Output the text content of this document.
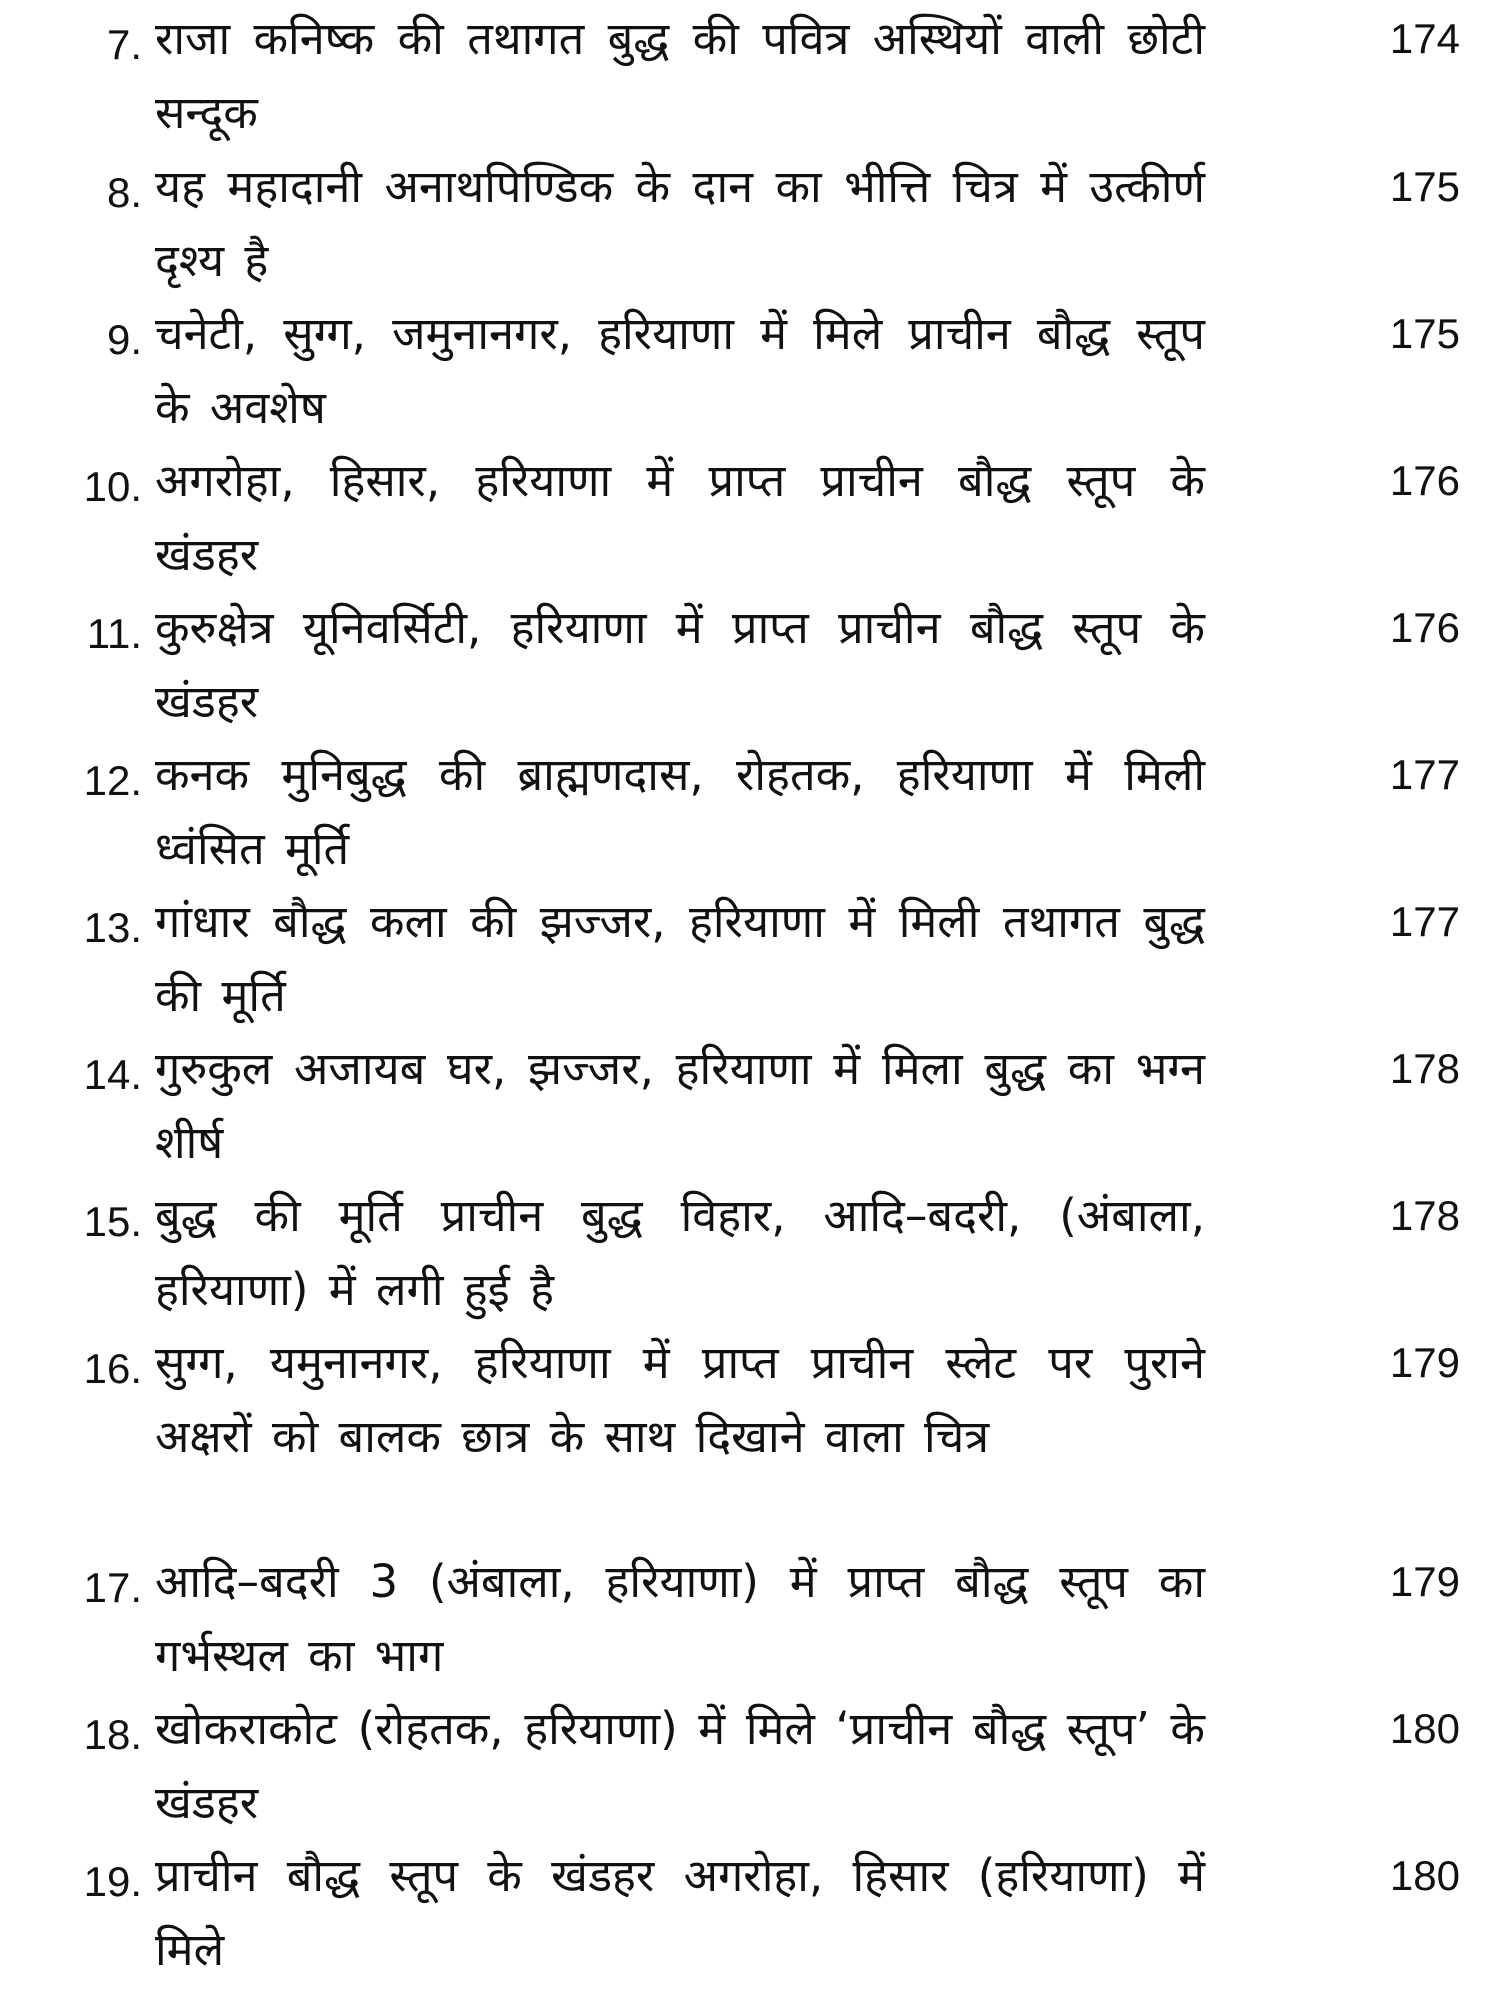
7. राजा कनिष्क की तथागत बुद्ध की पवित्र अस्थियों वाली छोटी सन्दूक
174
8. यह महादानी अनाथपिण्डिक के दान का भीत्ति चित्र में उत्कीर्ण दृश्य है
175
9. चनेटी, सुग्ग, जमुनानगर, हरियाणा में मिले प्राचीन बौद्ध स्तूप के अवशेष
175
10. अगरोहा, हिसार, हरियाणा में प्राप्त प्राचीन बौद्ध स्तूप के खंडहर
176
11. कुरुक्षेत्र यूनिवर्सिटी, हरियाणा में प्राप्त प्राचीन बौद्ध स्तूप के खंडहर
176
12. कनक मुनिबुद्ध की ब्राह्मणदास, रोहतक, हरियाणा में मिली ध्वंसित मूर्ति
177
13. गांधार बौद्ध कला की झज्जर, हरियाणा में मिली तथागत बुद्ध की मूर्ति
177
14. गुरुकुल अजायब घर, झज्जर, हरियाणा में मिला बुद्ध का भग्न शीर्ष
178
15. बुद्ध की मूर्ति प्राचीन बुद्ध विहार, आदि–बदरी, (अंबाला, हरियाणा) में लगी हुई है
178
16. सुग्ग, यमुनानगर, हरियाणा में प्राप्त प्राचीन स्लेट पर पुराने अक्षरों को बालक छात्र के साथ दिखाने वाला चित्र
179
17. आदि–बदरी 3 (अंबाला, हरियाणा) में प्राप्त बौद्ध स्तूप का गर्भस्थल का भाग
179
18. खोकराकोट (रोहतक, हरियाणा) में मिले ‘प्राचीन बौद्ध स्तूप’ के खंडहर
180
19. प्राचीन बौद्ध स्तूप के खंडहर अगरोहा, हिसार (हरियाणा) में मिले
180
